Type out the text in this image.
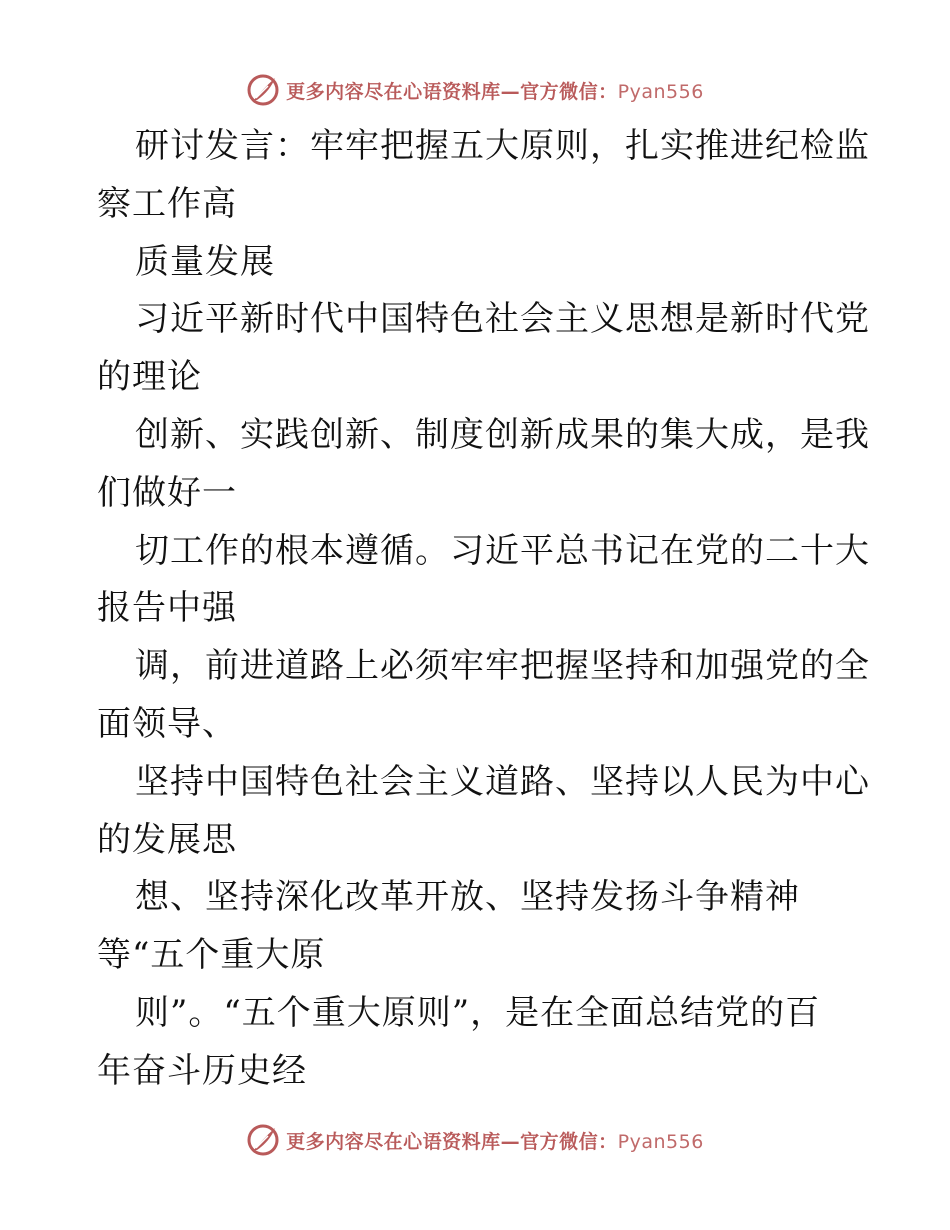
更多内容尽在心语资料库—官方微信：Pyan556

研讨发言：牢牢把握五大原则，扎实推进纪检监
察工作高

质量发展

习近平新时代中国特色社会主义思想是新时代党
的理论

创新、实践创新、制度创新成果的集大成，是我
们做好一

切工作的根本遵循。习近平总书记在党的二十大
报告中强

调，前进道路上必须牢牢把握坚持和加强党的全
面领导、

坚持中国特色社会主义道路、坚持以人民为中心
的发展思

想、坚持深化改革开放、坚持发扬斗争精神
等“五个重大原

则”。“五个重大原则”，是在全面总结党的百
年奋斗历史经

更多内容尽在心语资料库—官方微信：Pyan556
